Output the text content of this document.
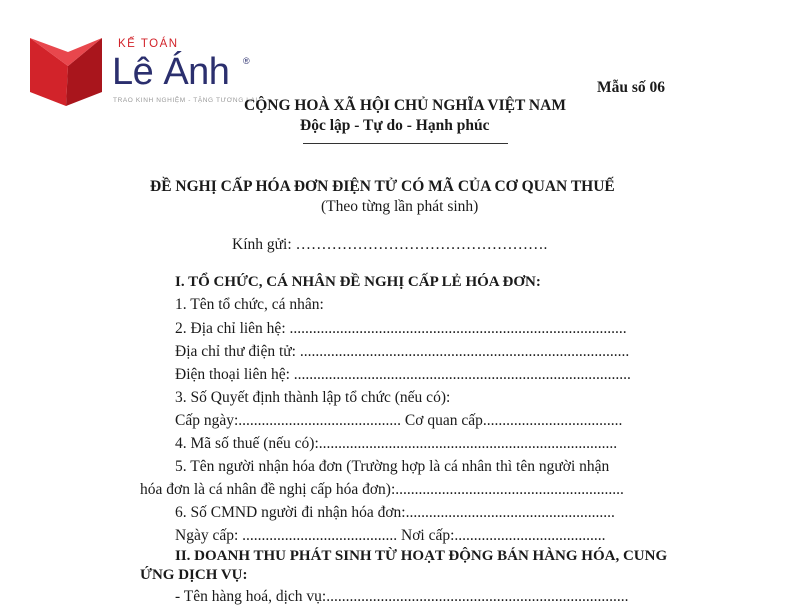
KẾ TOÁN
Lê Ánh ®
TRAO KINH NGHIỆM - TẶNG TƯƠNG LAI
Mẫu số 06
CỘNG HOÀ XÃ HỘI CHỦ NGHĨA VIỆT NAM
Độc lập - Tự do - Hạnh phúc
ĐỀ NGHỊ CẤP HÓA ĐƠN ĐIỆN TỬ CÓ MÃ CỦA CƠ QUAN THUẾ
(Theo từng lần phát sinh)
Kính gửi: ………………………………………….
I. TỔ CHỨC, CÁ NHÂN ĐỀ NGHỊ CẤP LẺ HÓA ĐƠN:
1. Tên tổ chức, cá nhân:
2. Địa chỉ liên hệ: .......................................................................................
Địa chỉ thư điện tử: .....................................................................................
Điện thoại liên hệ: .......................................................................................
3. Số Quyết định thành lập tổ chức (nếu có):
Cấp ngày:.......................................... Cơ quan cấp....................................
4. Mã số thuế (nếu có):.............................................................................
5. Tên người nhận hóa đơn (Trường hợp là cá nhân thì tên người nhận
hóa đơn là cá nhân đề nghị cấp hóa đơn):...........................................................
6. Số CMND người đi nhận hóa đơn:......................................................
Ngày cấp: ........................................ Nơi cấp:.......................................
II. DOANH THU PHÁT SINH TỪ HOẠT ĐỘNG BÁN HÀNG HÓA, CUNG
ỨNG DỊCH VỤ:
- Tên hàng hoá, dịch vụ:..............................................................................
